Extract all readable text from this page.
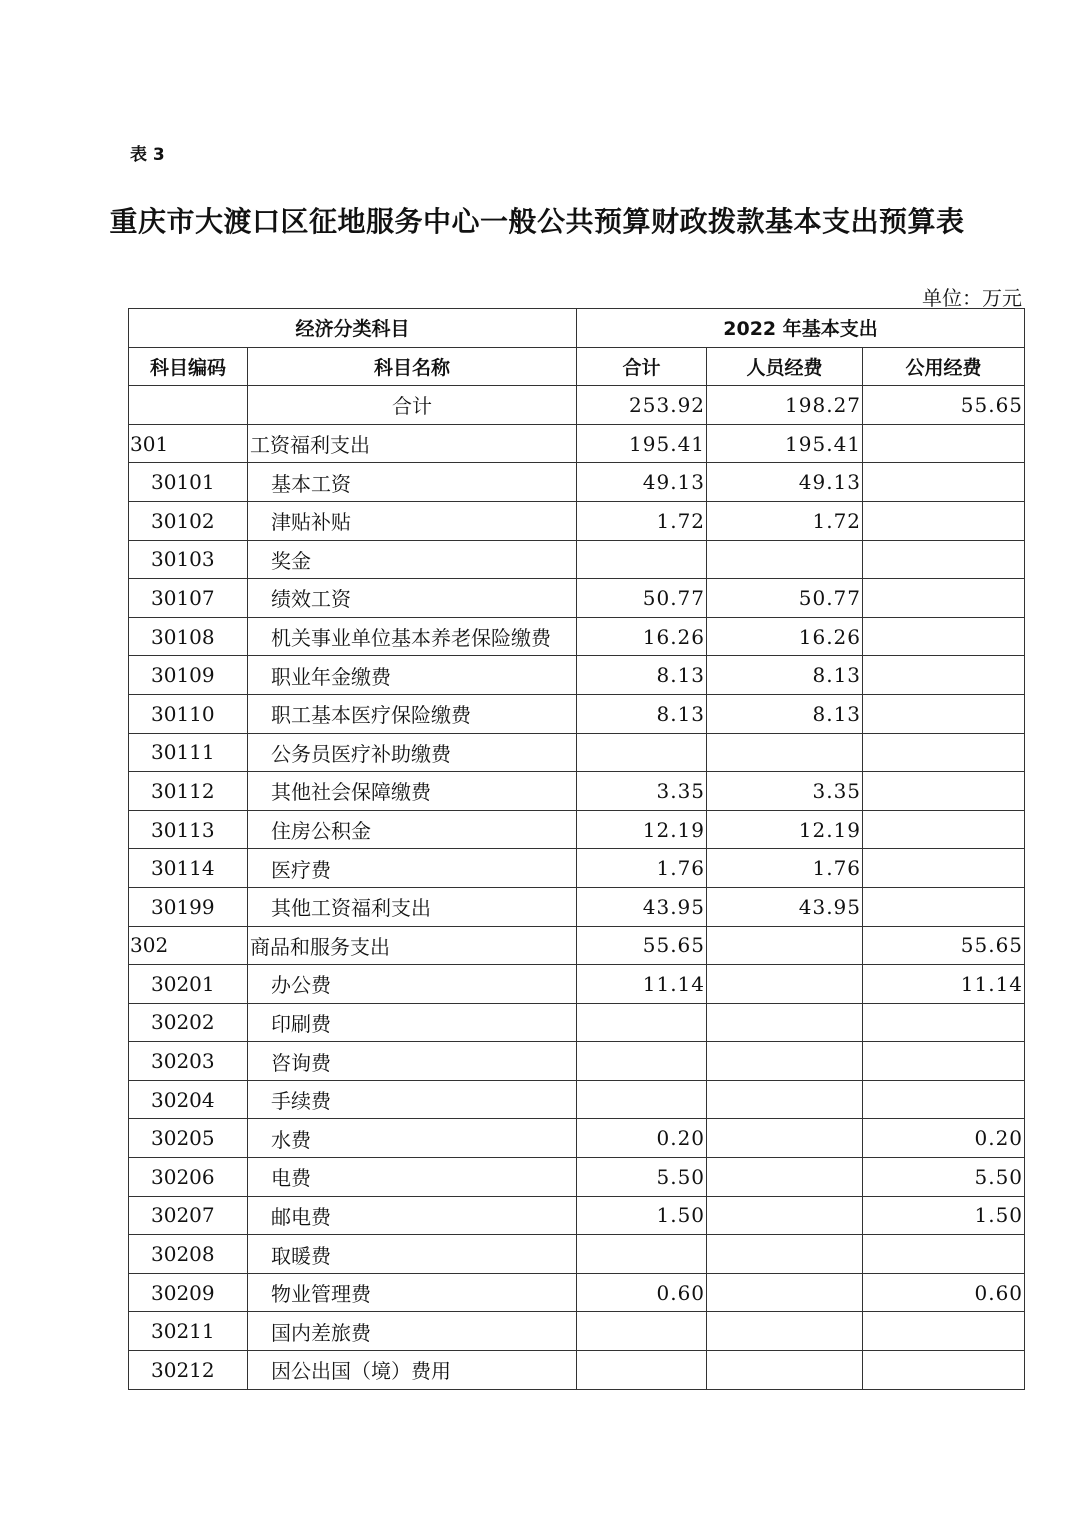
表 3
重庆市大渡口区征地服务中心一般公共预算财政拨款基本支出预算表
单位：万元
经济分类科目		2022 年基本支出		
科目编码	科目名称	合计	人员经费	公用经费
	合计	253.92	198.27	55.65
301	工资福利支出	195.41	195.41	
30101	基本工资	49.13	49.13	
30102	津贴补贴	1.72	1.72	
30103	奖金			
30107	绩效工资	50.77	50.77	
30108	机关事业单位基本养老保险缴费	16.26	16.26	
30109	职业年金缴费	8.13	8.13	
30110	职工基本医疗保险缴费	8.13	8.13	
30111	公务员医疗补助缴费			
30112	其他社会保障缴费	3.35	3.35	
30113	住房公积金	12.19	12.19	
30114	医疗费	1.76	1.76	
30199	其他工资福利支出	43.95	43.95	
302	商品和服务支出	55.65		55.65
30201	办公费	11.14		11.14
30202	印刷费			
30203	咨询费			
30204	手续费			
30205	水费	0.20		0.20
30206	电费	5.50		5.50
30207	邮电费	1.50		1.50
30208	取暖费			
30209	物业管理费	0.60		0.60
30211	国内差旅费			
30212	因公出国（境）费用			
